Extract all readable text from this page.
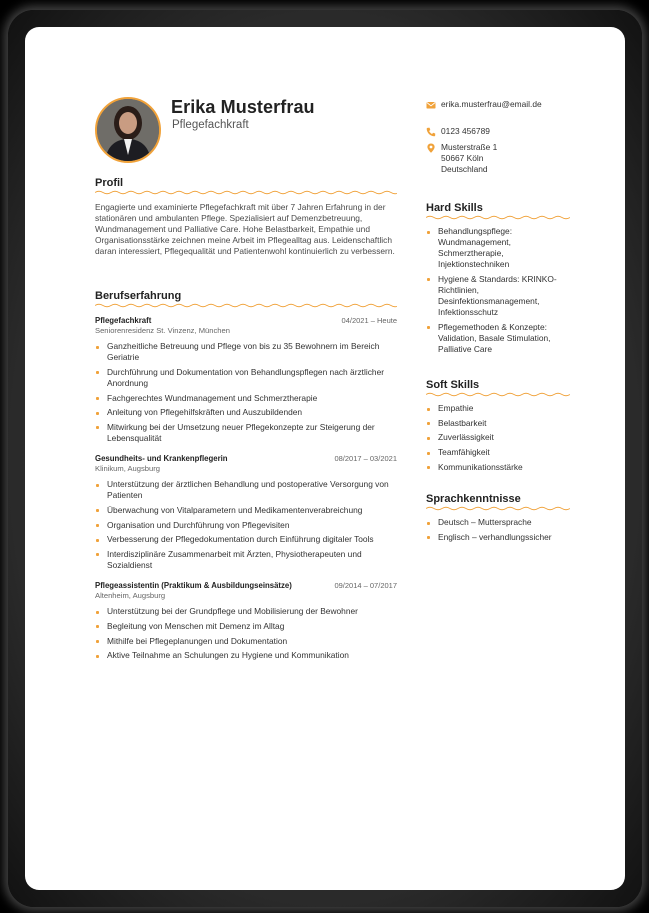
Erika Musterfrau
Pflegefachkraft
Profil

Engagierte und examinierte Pflegefachkraft mit über 7 Jahren Erfahrung in der stationären und ambulanten Pflege. Spezialisiert auf Demenzbetreuung, Wundmanagement und Palliative Care. Hohe Belastbarkeit, Empathie und Organisationsstärke zeichnen meine Arbeit im Pflegealltag aus. Leidenschaftlich daran interessiert, Pflegequalität und Patientenwohl kontinuierlich zu verbessern.

Berufserfahrung
Pflegefachkraft	04/2021 – Heute
Seniorenresidenz St. Vinzenz, München
Ganzheitliche Betreuung und Pflege von bis zu 35 Bewohnern im Bereich Geriatrie
Durchführung und Dokumentation von Behandlungspflegen nach ärztlicher Anordnung
Fachgerechtes Wundmanagement und Schmerztherapie
Anleitung von Pflegehilfskräften und Auszubildenden
Mitwirkung bei der Umsetzung neuer Pflegekonzepte zur Steigerung der Lebensqualität
Gesundheits- und Krankenpflegerin	08/2017 – 03/2021
Klinikum, Augsburg
Unterstützung der ärztlichen Behandlung und postoperative Versorgung von Patienten
Überwachung von Vitalparametern und Medikamentenverabreichung
Organisation und Durchführung von Pflegevisiten
Verbesserung der Pflegedokumentation durch Einführung digitaler Tools
Interdisziplinäre Zusammenarbeit mit Ärzten, Physiotherapeuten und Sozialdienst
Pflegeassistentin (Praktikum & Ausbildungseinsätze)	09/2014 – 07/2017
Altenheim, Augsburg
Unterstützung bei der Grundpflege und Mobilisierung der Bewohner
Begleitung von Menschen mit Demenz im Alltag
Mithilfe bei Pflegeplanungen und Dokumentation
Aktive Teilnahme an Schulungen zu Hygiene und Kommunikation
erika.musterfrau@email.de
0123 456789
Musterstraße 1
50667 Köln
Deutschland
Hard Skills
Behandlungspflege: Wundmanagement, Schmerztherapie, Injektionstechniken
Hygiene & Standards: KRINKO-Richtlinien, Desinfektionsmanagement, Infektionsschutz
Pflegemethoden & Konzepte: Validation, Basale Stimulation, Palliative Care
Soft Skills
Empathie
Belastbarkeit
Zuverlässigkeit
Teamfähigkeit
Kommunikationsstärke
Sprachkenntnisse
Deutsch – Muttersprache
Englisch – verhandlungssicher
